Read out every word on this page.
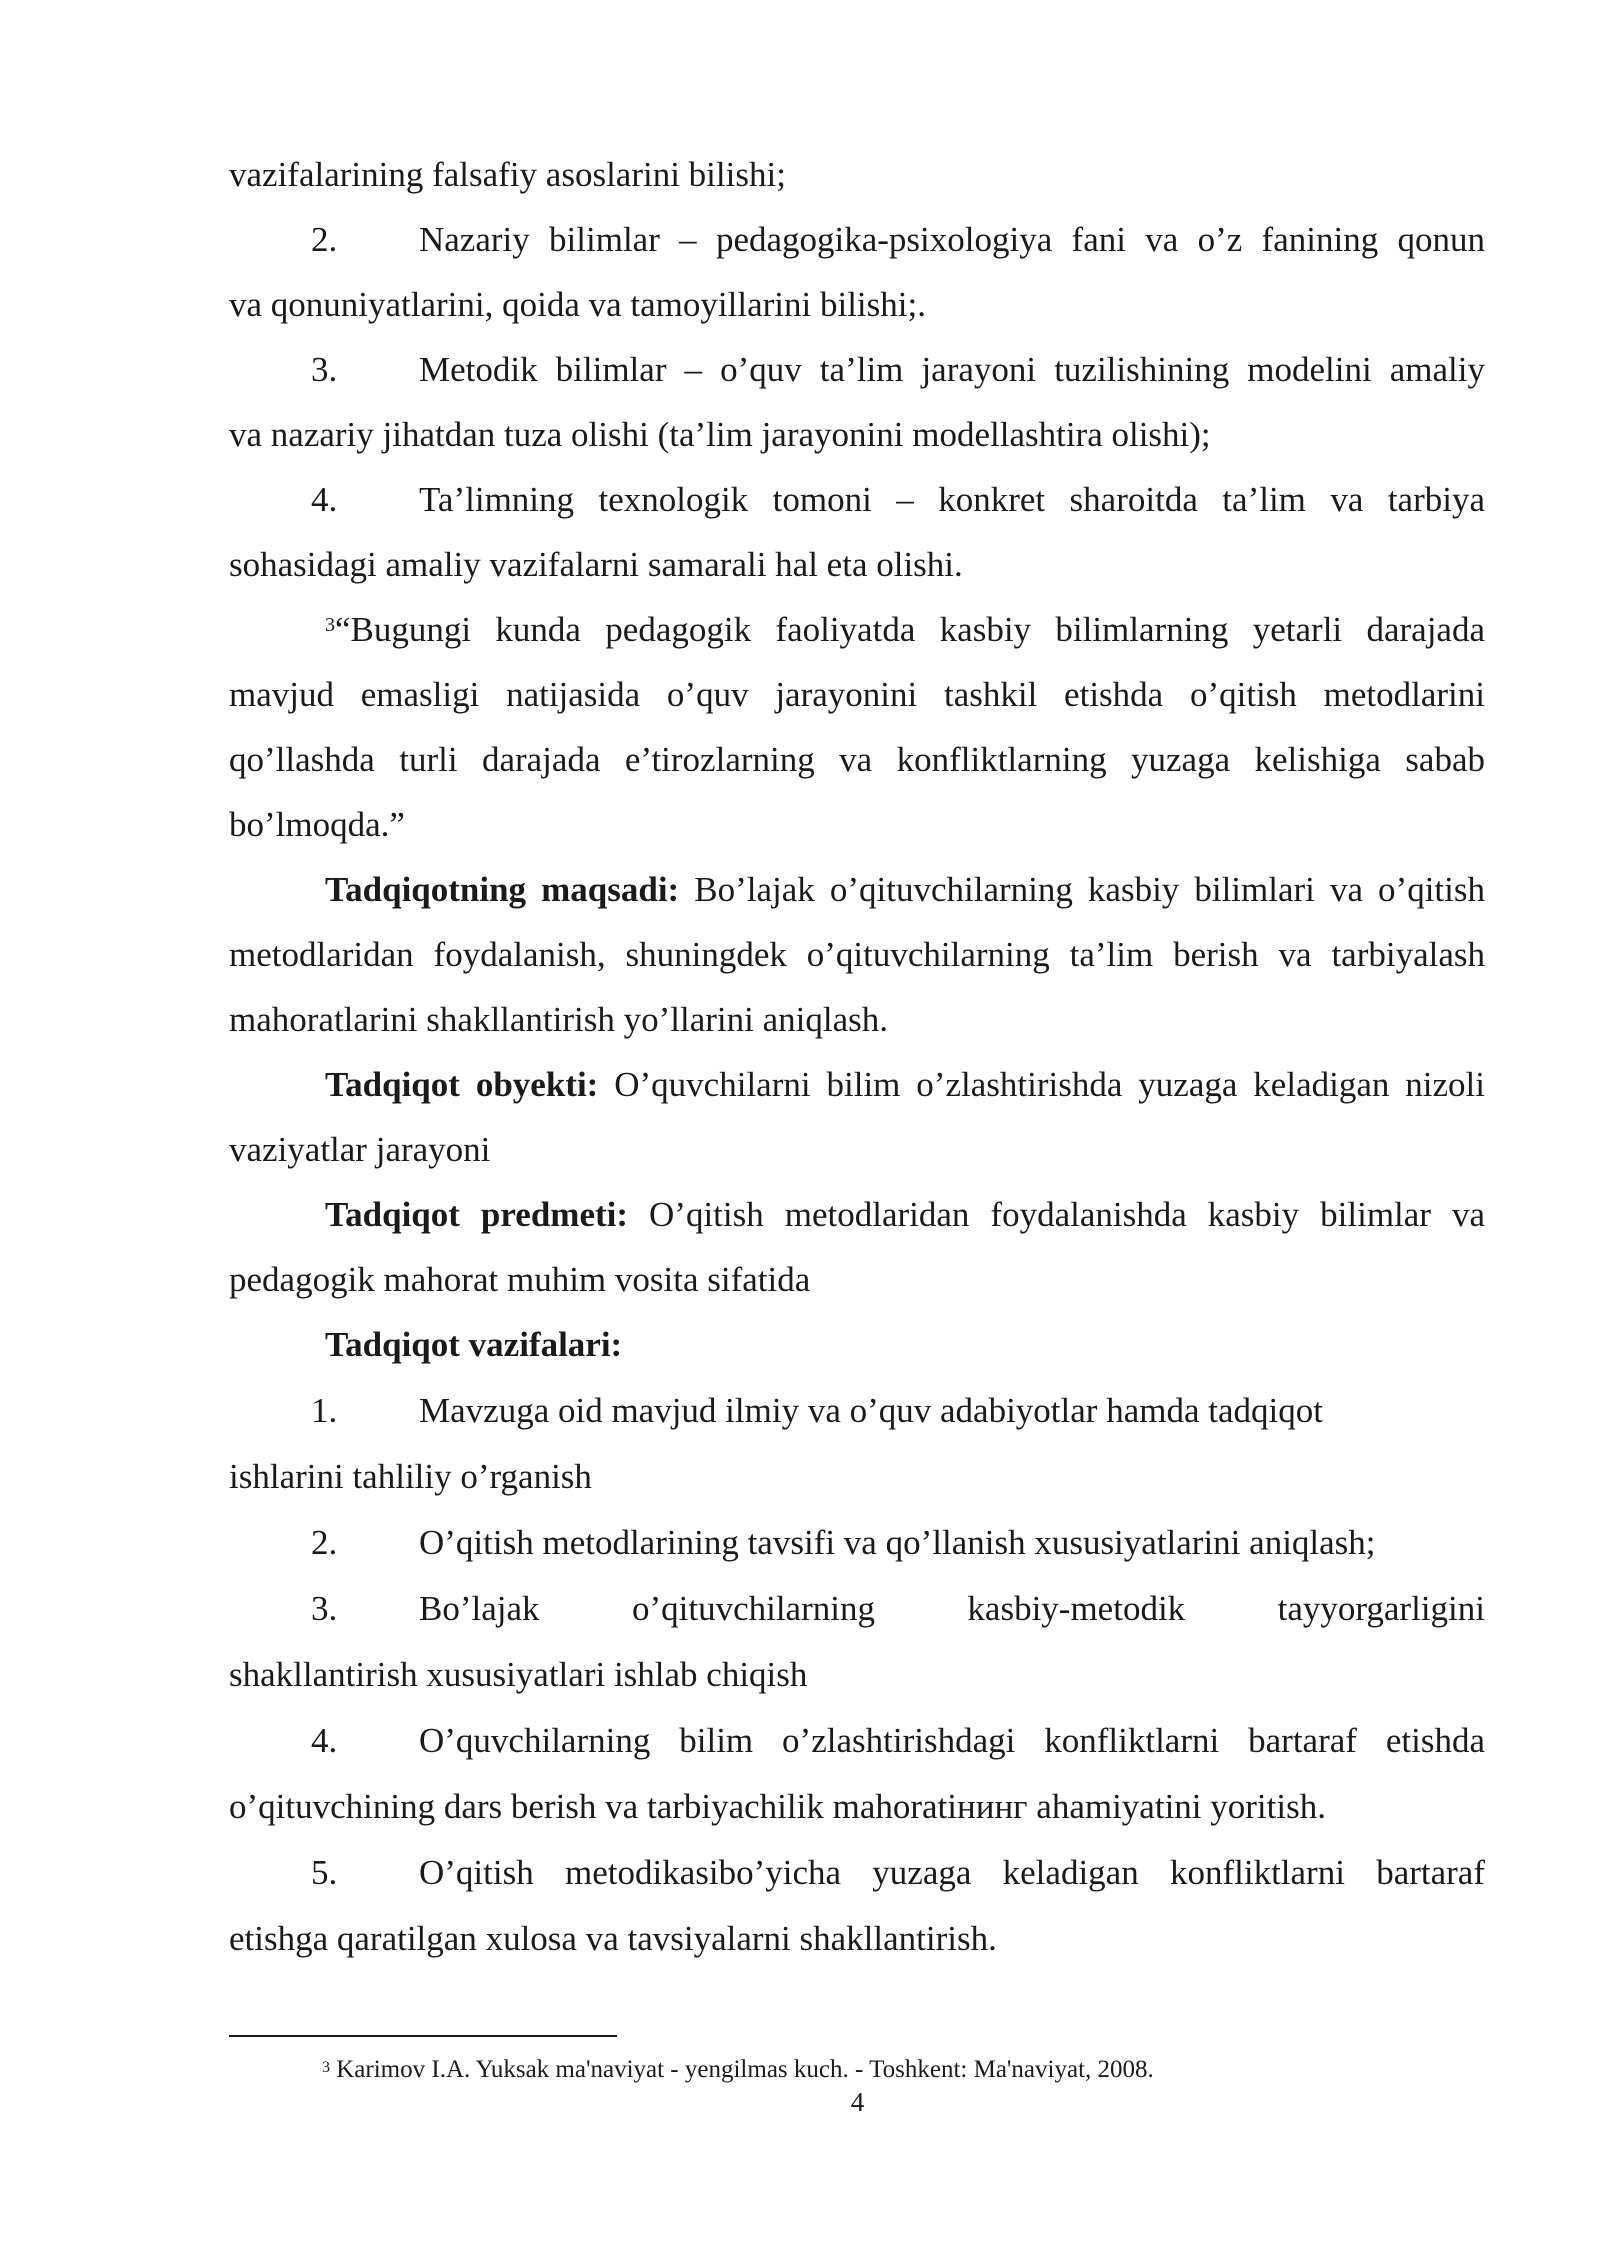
vazifalarining falsafiy asoslarini bilishi;

2.	Nazariy bilimlar – pedagogika-psixologiya fani va o’z fanining qonun
va qonuniyatlarini, qoida va tamoyillarini bilishi;.
3.	Metodik bilimlar – o’quv ta’lim jarayoni tuzilishining modelini amaliy
va nazariy jihatdan tuza olishi (ta’lim jarayonini modellashtira olishi);
4.	Ta’limning texnologik tomoni – konkret sharoitda ta’lim va tarbiya
sohasidagi amaliy vazifalarni samarali hal eta olishi.

$^3$“Bugungi kunda pedagogik faoliyatda kasbiy bilimlarning yetarli darajada mavjud emasligi natijasida o’quv jarayonini tashkil etishda o’qitish metodlarini qo’llashda turli darajada e’tirozlarning va konfliktlarning yuzaga kelishiga sabab bo’lmoqda.”

Tadqiqotning maqsadi: Bo’lajak o’qituvchilarning kasbiy bilimlari va o’qitish metodlaridan foydalanish, shuningdek o’qituvchilarning ta’lim berish va tarbiyalash mahoratlarini shakllantirish yo’llarini aniqlash.

Tadqiqot obyekti: O’quvchilarni bilim o’zlashtirishda yuzaga keladigan nizoli vaziyatlar jarayoni

Tadqiqot predmeti: O’qitish metodlaridan foydalanishda kasbiy bilimlar va pedagogik mahorat muhim vosita sifatida

Tadqiqot vazifalari:

1.	Mavzuga oid mavjud ilmiy va o’quv adabiyotlar hamda tadqiqot
ishlarini tahliliy o’rganish
2.	O’qitish metodlarining tavsifi va qo’llanish xususiyatlarini aniqlash;
3.	Bo’lajak o’qituvchilarning kasbiy-metodik tayyorgarligini
shakllantirish xususiyatlari ishlab chiqish
4.	O’quvchilarning bilim o’zlashtirishdagi konfliktlarni bartaraf etishda
o’qituvchining dars berish va tarbiyachilik mahoratiнинг ahamiyatini yoritish.
5.	O’qitish metodikasibo’yicha yuzaga keladigan konfliktlarni bartaraf
etishga qaratilgan xulosa va tavsiyalarni shakllantirish.
$^3$ Karimov I.A. Yuksak ma'naviyat - yengilmas kuch. - Toshkent: Ma'naviyat, 2008.
4
